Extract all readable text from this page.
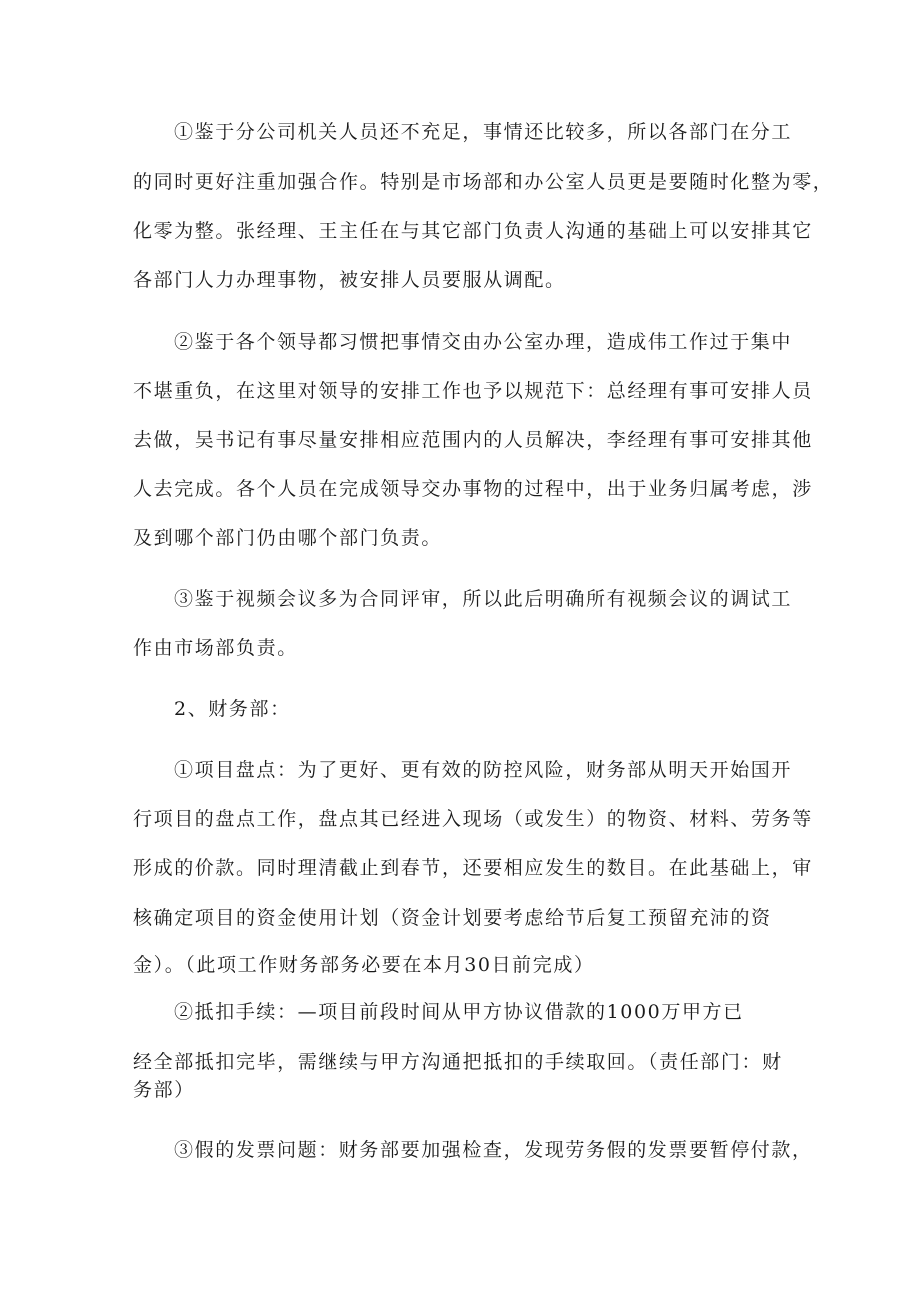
①鉴于分公司机关人员还不充足，事情还比较多，所以各部门在分工
的同时更好注重加强合作。特别是市场部和办公室人员更是要随时化整为零，
化零为整。张经理、王主任在与其它部门负责人沟通的基础上可以安排其它
各部门人力办理事物，被安排人员要服从调配。
②鉴于各个领导都习惯把事情交由办公室办理，造成伟工作过于集中
不堪重负，在这里对领导的安排工作也予以规范下：总经理有事可安排人员
去做，吴书记有事尽量安排相应范围内的人员解决，李经理有事可安排其他
人去完成。各个人员在完成领导交办事物的过程中，出于业务归属考虑，涉
及到哪个部门仍由哪个部门负责。
③鉴于视频会议多为合同评审，所以此后明确所有视频会议的调试工
作由市场部负责。
2、财务部：
①项目盘点：为了更好、更有效的防控风险，财务部从明天开始国开
行项目的盘点工作，盘点其已经进入现场（或发生）的物资、材料、劳务等
形成的价款。同时理清截止到春节，还要相应发生的数目。在此基础上，审
核确定项目的资金使用计划（资金计划要考虑给节后复工预留充沛的资
金）。（此项工作财务部务必要在本月30日前完成）
②抵扣手续：—项目前段时间从甲方协议借款的1000万甲方已
经全部抵扣完毕，需继续与甲方沟通把抵扣的手续取回。（责任部门：财
务部）
③假的发票问题：财务部要加强检查，发现劳务假的发票要暂停付款，
